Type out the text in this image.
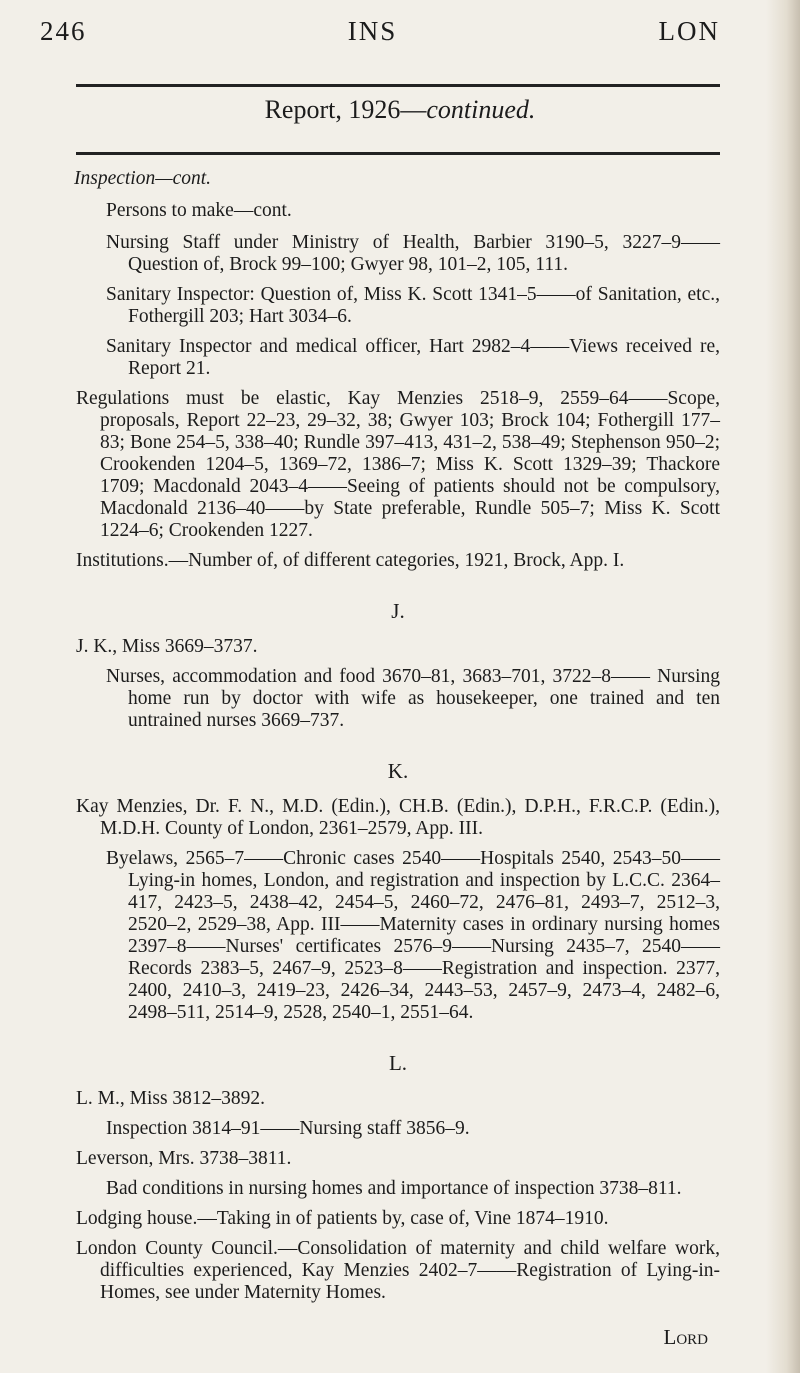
246	INS	LON
Report, 1926—continued.

Inspection—cont.

Persons to make—cont.

Nursing Staff under Ministry of Health, Barbier 3190–5, 3227–9—— Question of, Brock 99–100; Gwyer 98, 101–2, 105, 111.

Sanitary Inspector: Question of, Miss K. Scott 1341–5——of Sanitation, etc., Fothergill 203; Hart 3034–6.

Sanitary Inspector and medical officer, Hart 2982–4——Views received re, Report 21.

Regulations must be elastic, Kay Menzies 2518–9, 2559–64——Scope, proposals, Report 22–23, 29–32, 38; Gwyer 103; Brock 104; Fothergill 177–83; Bone 254–5, 338–40; Rundle 397–413, 431–2, 538–49; Stephenson 950–2; Crookenden 1204–5, 1369–72, 1386–7; Miss K. Scott 1329–39; Thackore 1709; Macdonald 2043–4——Seeing of patients should not be compulsory, Macdonald 2136–40——by State preferable, Rundle 505–7; Miss K. Scott 1224–6; Crookenden 1227.

Institutions.—Number of, of different categories, 1921, Brock, App. I.

J.

J. K., Miss 3669–3737.

Nurses, accommodation and food 3670–81, 3683–701, 3722–8—— Nursing home run by doctor with wife as housekeeper, one trained and ten untrained nurses 3669–737.

K.

Kay Menzies, Dr. F. N., M.D. (Edin.), CH.B. (Edin.), D.P.H., F.R.C.P. (Edin.), M.D.H. County of London, 2361–2579, App. III.

Byelaws, 2565–7——Chronic cases 2540——Hospitals 2540, 2543–50—— Lying-in homes, London, and registration and inspection by L.C.C. 2364–417, 2423–5, 2438–42, 2454–5, 2460–72, 2476–81, 2493–7, 2512–3, 2520–2, 2529–38, App. III——Maternity cases in ordinary nursing homes 2397–8——Nurses' certificates 2576–9——Nursing 2435–7, 2540——Records 2383–5, 2467–9, 2523–8——Registration and inspection. 2377, 2400, 2410–3, 2419–23, 2426–34, 2443–53, 2457–9, 2473–4, 2482–6, 2498–511, 2514–9, 2528, 2540–1, 2551–64.

L.

L. M., Miss 3812–3892.

Inspection 3814–91——Nursing staff 3856–9.

Leverson, Mrs. 3738–3811.

Bad conditions in nursing homes and importance of inspection 3738–811.

Lodging house.—Taking in of patients by, case of, Vine 1874–1910.

London County Council.—Consolidation of maternity and child welfare work, difficulties experienced, Kay Menzies 2402–7——Registration of Lying-in-Homes, see under Maternity Homes.

Lord
